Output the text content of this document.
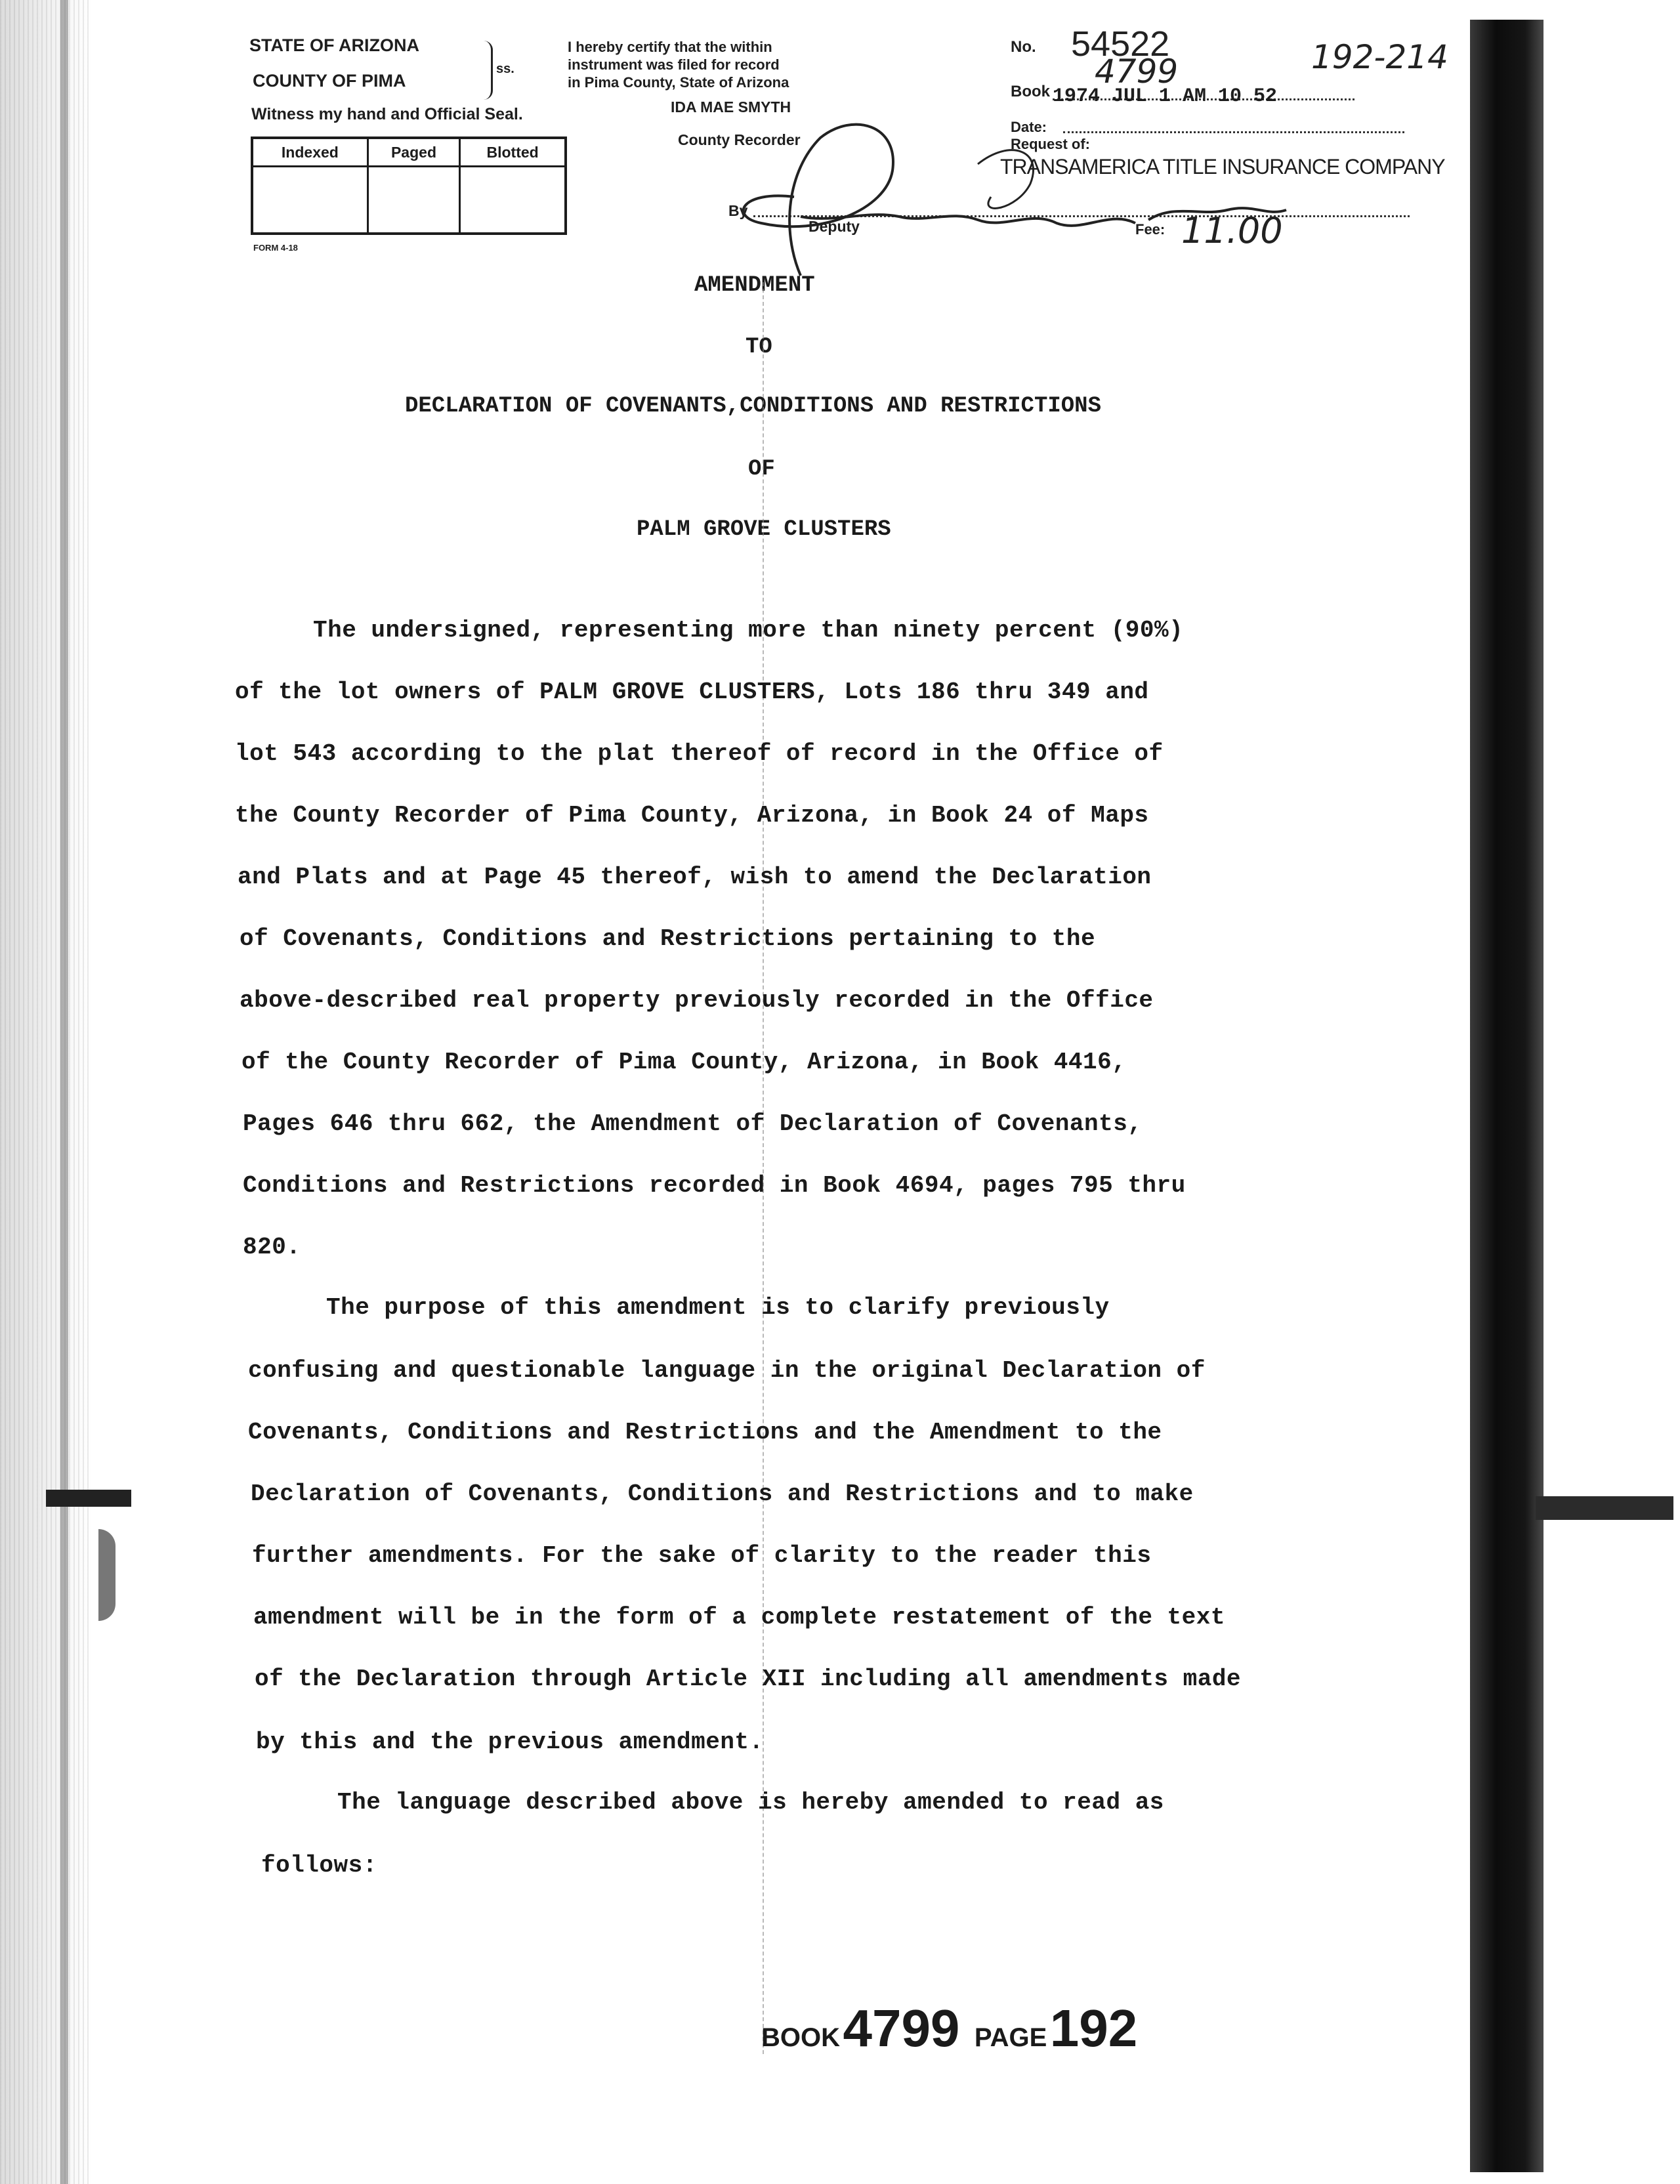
STATE OF ARIZONA
COUNTY OF PIMA
ss.
Witness my hand and Official Seal.
Indexed	Paged	Blotted

FORM 4-18
I hereby certify that the within
instrument was filed for record
in Pima County, State of Arizona
IDA MAE SMYTH
County Recorder
By
Deputy
No. 54522
Book
4799	192-214
1974 JUL 1 AM 10 52
Date:
Request of:
TRANSAMERICA TITLE INSURANCE COMPANY
Fee: 11.00
AMENDMENT
TO
DECLARATION OF COVENANTS,CONDITIONS AND RESTRICTIONS
OF
PALM GROVE CLUSTERS
The undersigned, representing more than ninety percent (90%)
of the lot owners of PALM GROVE CLUSTERS, Lots 186 thru 349 and
lot 543 according to the plat thereof of record in the Office of
the County Recorder of Pima County, Arizona, in Book 24 of Maps
and Plats and at Page 45 thereof, wish to amend the Declaration
of Covenants, Conditions and Restrictions pertaining to the
above-described real property previously recorded in the Office
of the County Recorder of Pima County, Arizona, in Book 4416,
Pages 646 thru 662, the Amendment of Declaration of Covenants,
Conditions and Restrictions recorded in Book 4694, pages 795 thru
820.
The purpose of this amendment is to clarify previously
confusing and questionable language in the original Declaration of
Covenants, Conditions and Restrictions and the Amendment to the
Declaration of Covenants, Conditions and Restrictions and to make
further amendments. For the sake of clarity to the reader this
amendment will be in the form of a complete restatement of the text
of the Declaration through Article XII including all amendments made
by this and the previous amendment.
The language described above is hereby amended to read as
follows:
BOOK 4799 PAGE 192
